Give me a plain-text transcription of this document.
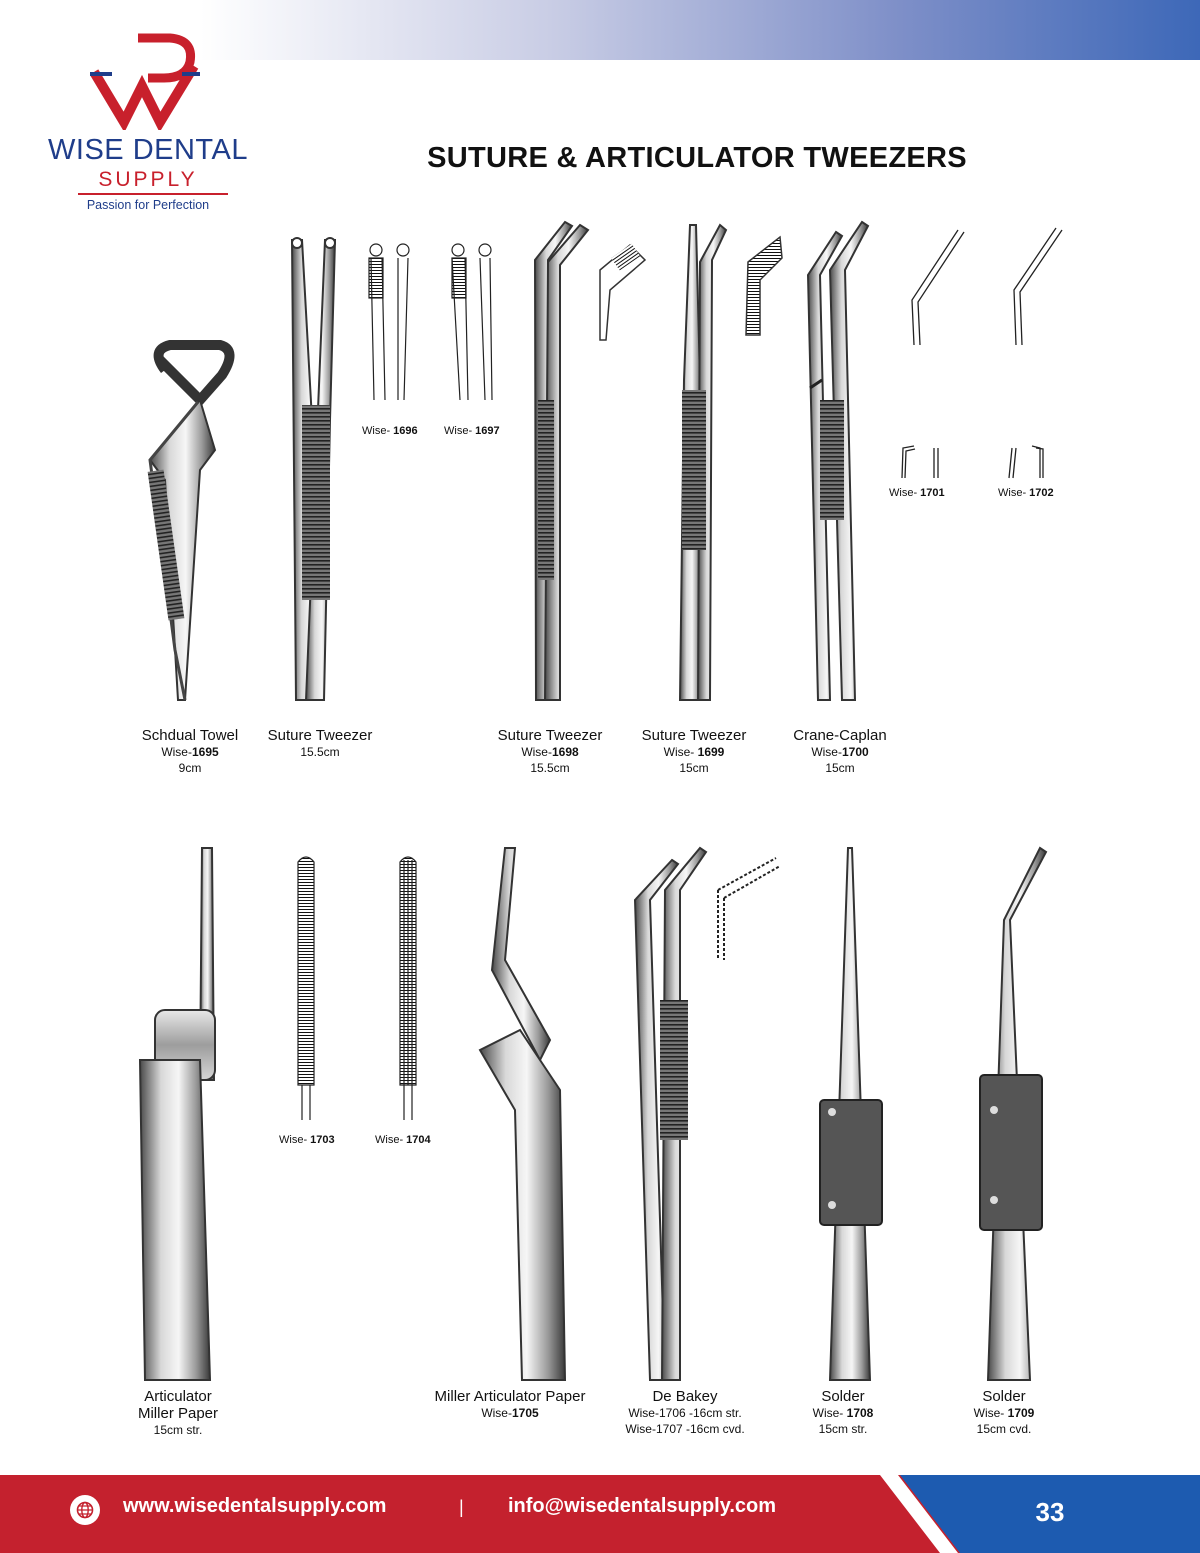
WISE DENTAL
SUPPLY
Passion for Perfection
SUTURE & ARTICULATOR TWEEZERS
Wise- 1696 Wise- 1697
Wise- 1701	Wise- 1702
Wise- 1703	Wise- 1704
Schdual Towel
Wise-1695
9cm
Suture Tweezer
15.5cm
Suture Tweezer
Wise-1698
15.5cm
Suture Tweezer
Wise- 1699
15cm
Crane-Caplan
Wise-1700
15cm
Articulator
Miller Paper
15cm str.
Miller Articulator Paper
Wise-1705
De Bakey
Wise-1706 -16cm str.
Wise-1707 -16cm cvd.
Solder
Wise- 1708
15cm str.
Solder
Wise- 1709
15cm cvd.
www.wisedentalsupply.com	| info@wisedentalsupply.com	33
